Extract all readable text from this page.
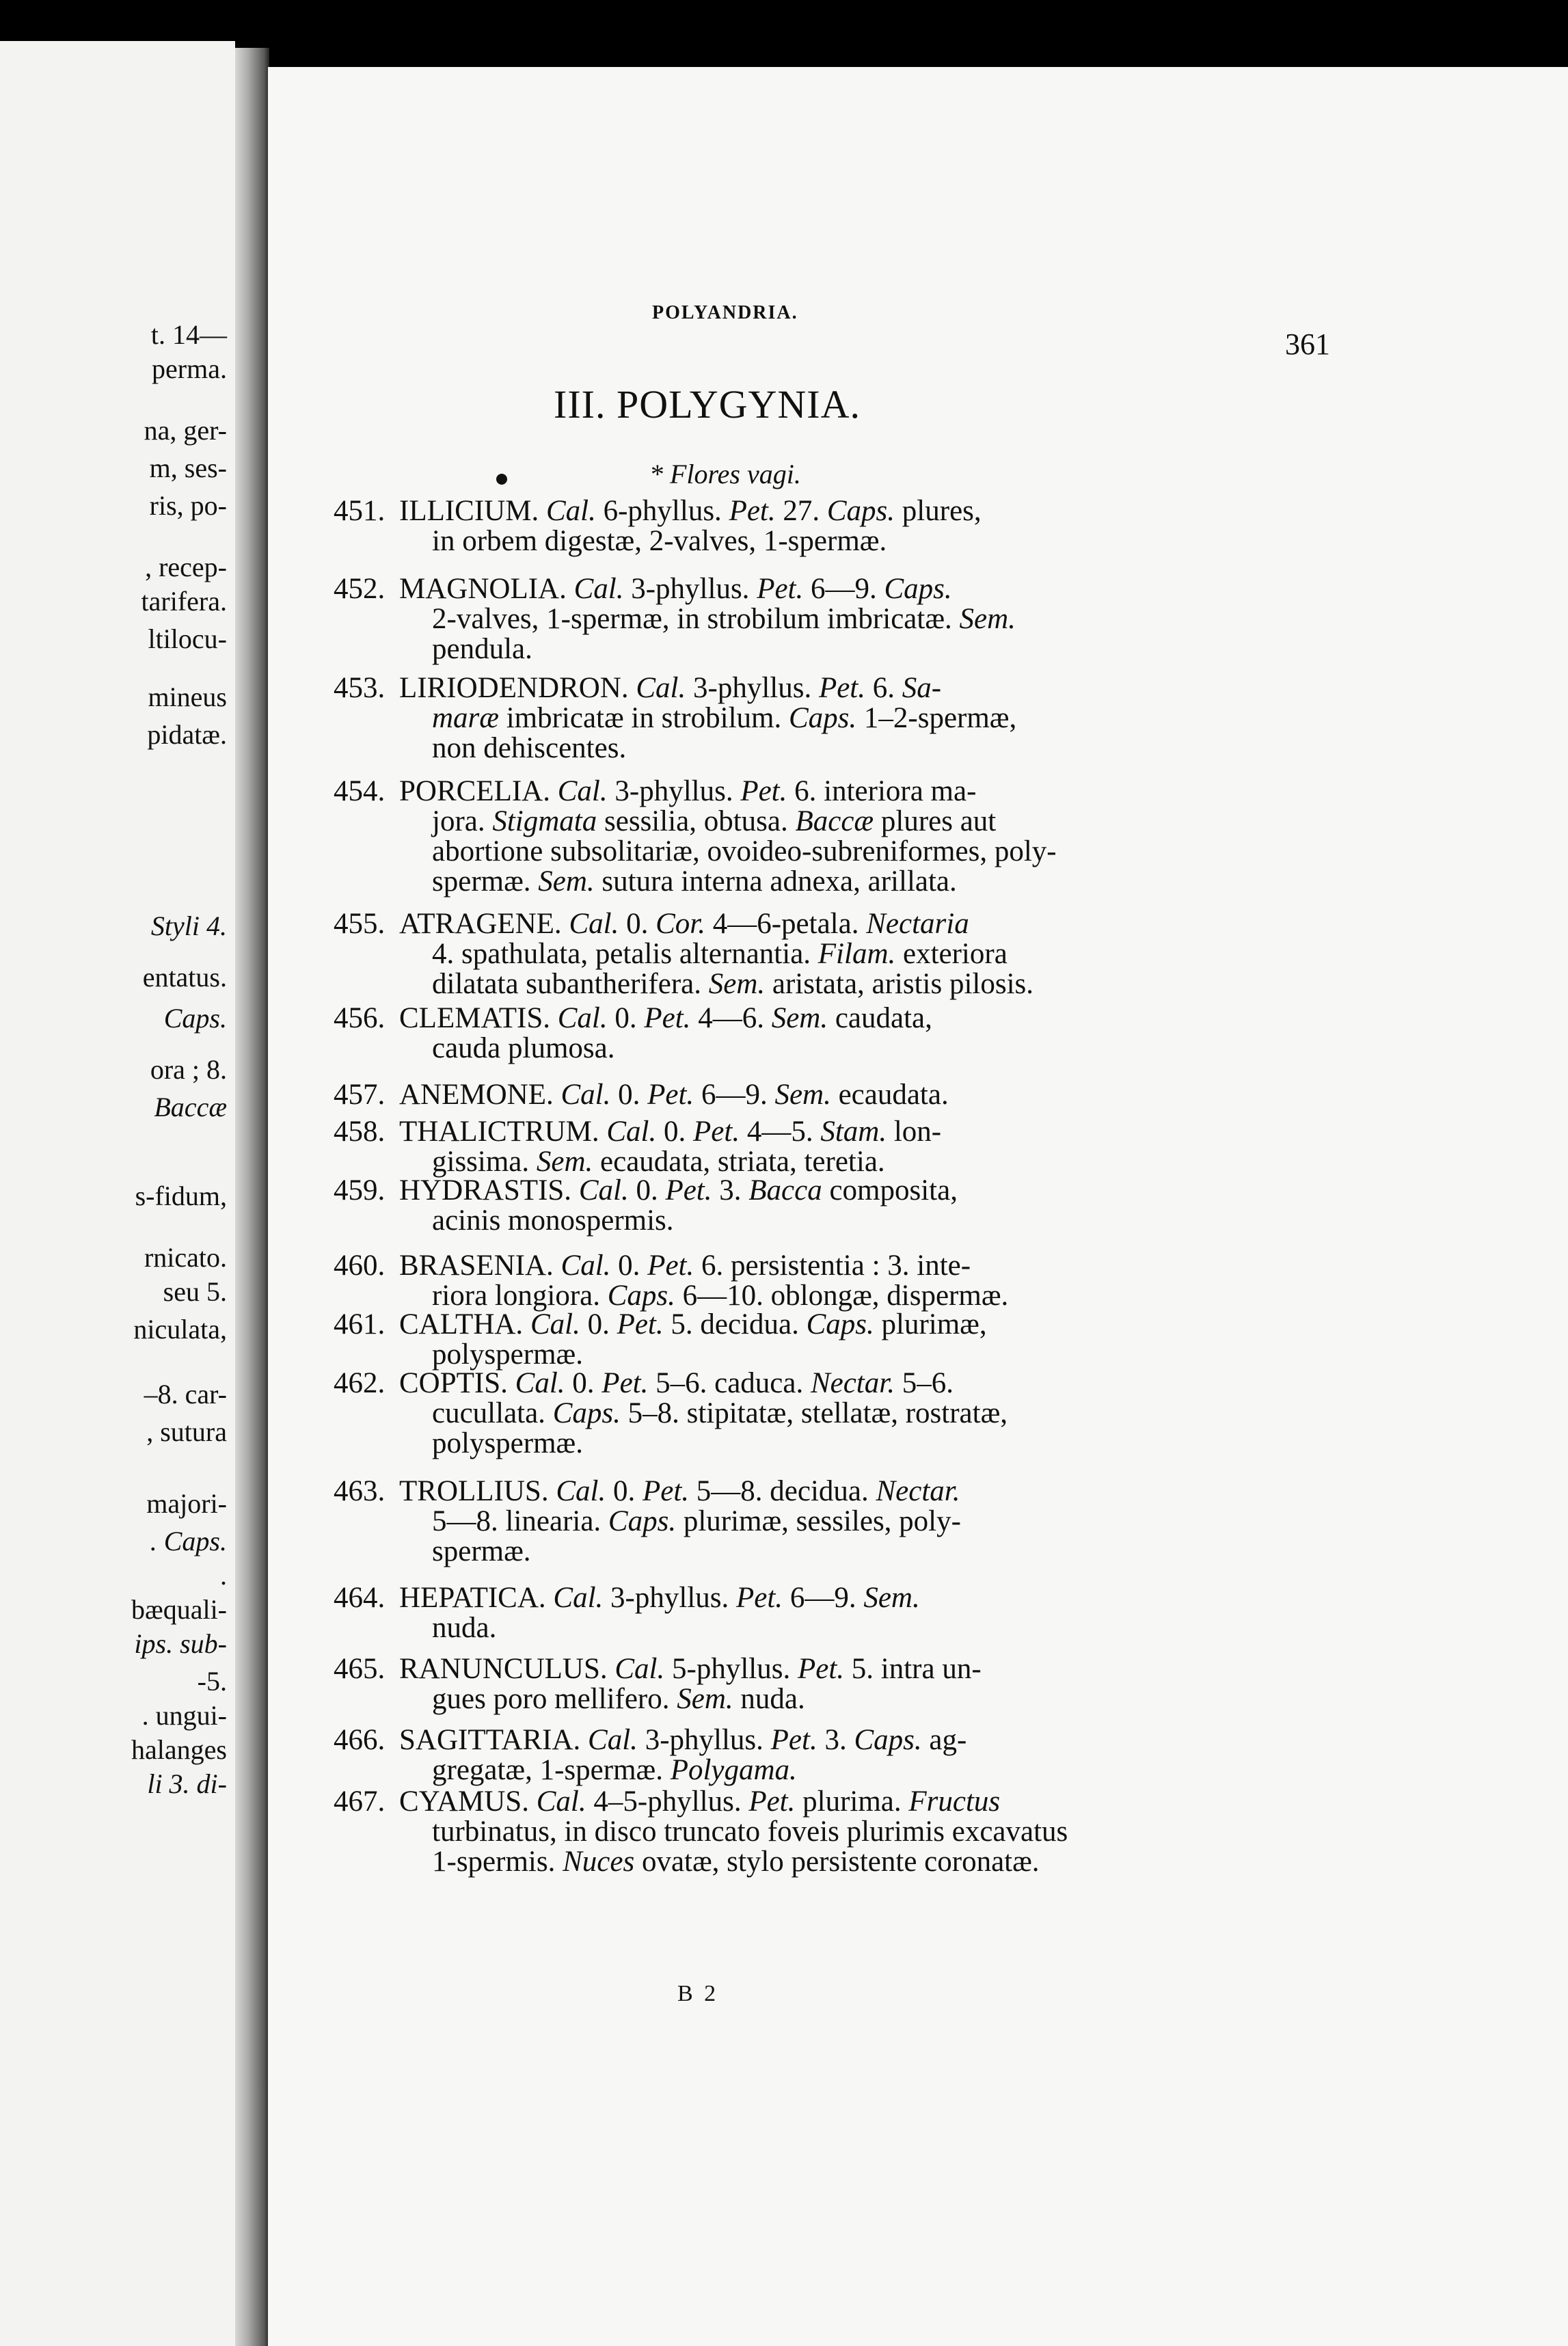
t. 14—
perma.
na, ger-
m, ses-
ris, po-
, recep-
tarifera.
ltilocu-
mineus
pidatæ.
Styli 4.
entatus.
Caps.
ora ; 8.
Baccæ
s-fidum,
rnicato.
seu 5.
niculata,
–8. car-
, sutura
majori-
. Caps.
.
bæquali-
ips. sub-
-5.
. ungui-
halanges
li 3. di-
POLYANDRIA.
361
III. POLYGYNIA.
* Flores vagi.
451. ILLICIUM. Cal. 6-phyllus. Pet. 27. Caps. plures,
in orbem digestæ, 2-valves, 1-spermæ.
452. MAGNOLIA. Cal. 3-phyllus. Pet. 6—9. Caps.
2-valves, 1-spermæ, in strobilum imbricatæ. Sem.
pendula.
453. LIRIODENDRON. Cal. 3-phyllus. Pet. 6. Sa-
maræ imbricatæ in strobilum. Caps. 1–2-spermæ,
non dehiscentes.
454. PORCELIA. Cal. 3-phyllus. Pet. 6. interiora ma-
jora. Stigmata sessilia, obtusa. Baccæ plures aut
abortione subsolitariæ, ovoideo-subreniformes, poly-
spermæ. Sem. sutura interna adnexa, arillata.
455. ATRAGENE. Cal. 0. Cor. 4—6-petala. Nectaria
4. spathulata, petalis alternantia. Filam. exteriora
dilatata subantherifera. Sem. aristata, aristis pilosis.
456. CLEMATIS. Cal. 0. Pet. 4—6. Sem. caudata,
cauda plumosa.
457. ANEMONE. Cal. 0. Pet. 6—9. Sem. ecaudata.
458. THALICTRUM. Cal. 0. Pet. 4—5. Stam. lon-
gissima. Sem. ecaudata, striata, teretia.
459. HYDRASTIS. Cal. 0. Pet. 3. Bacca composita,
acinis monospermis.
460. BRASENIA. Cal. 0. Pet. 6. persistentia : 3. inte-
riora longiora. Caps. 6—10. oblongæ, dispermæ.
461. CALTHA. Cal. 0. Pet. 5. decidua. Caps. plurimæ,
polyspermæ.
462. COPTIS. Cal. 0. Pet. 5–6. caduca. Nectar. 5–6.
cucullata. Caps. 5–8. stipitatæ, stellatæ, rostratæ,
polyspermæ.
463. TROLLIUS. Cal. 0. Pet. 5—8. decidua. Nectar.
5—8. linearia. Caps. plurimæ, sessiles, poly-
spermæ.
464. HEPATICA. Cal. 3-phyllus. Pet. 6—9. Sem.
nuda.
465. RANUNCULUS. Cal. 5-phyllus. Pet. 5. intra un-
gues poro mellifero. Sem. nuda.
466. SAGITTARIA. Cal. 3-phyllus. Pet. 3. Caps. ag-
gregatæ, 1-spermæ. Polygama.
467. CYAMUS. Cal. 4–5-phyllus. Pet. plurima. Fructus
turbinatus, in disco truncato foveis plurimis excavatus
1-spermis. Nuces ovatæ, stylo persistente coronatæ.
B 2
